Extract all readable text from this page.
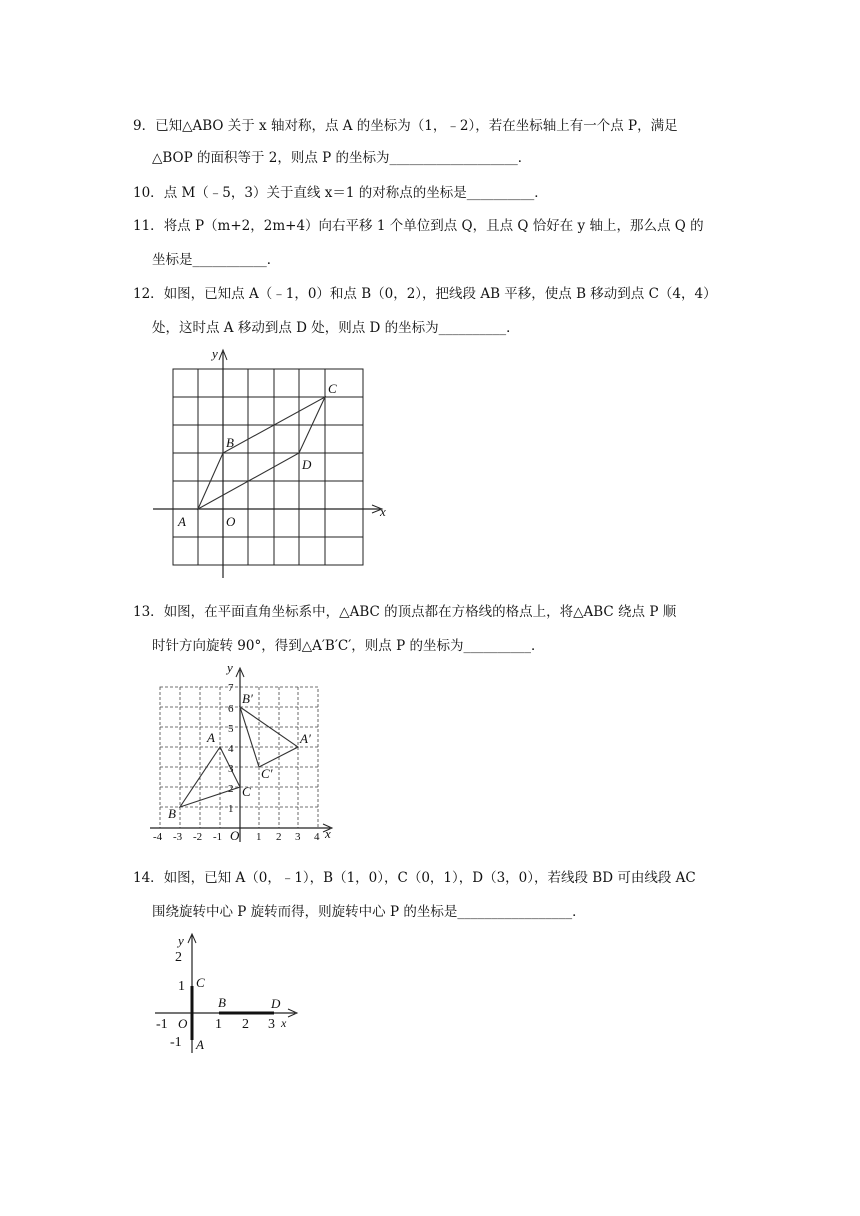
9．已知△ABO 关于 x 轴对称，点 A 的坐标为（1，﹣2），若在坐标轴上有一个点 P，满足
△BOP 的面积等于 2，则点 P 的坐标为___________________．
10．点 M（﹣5，3）关于直线 x＝1 的对称点的坐标是__________．
11．将点 P（m+2，2m+4）向右平移 1 个单位到点 Q，且点 Q 恰好在 y 轴上，那么点 Q 的
坐标是___________．
12．如图，已知点 A（﹣1，0）和点 B（0，2），把线段 AB 平移，使点 B 移动到点 C（4，4）
处，这时点 A 移动到点 D 处，则点 D 的坐标为__________．
y
x
A	O
B
C
D
13．如图，在平面直角坐标系中，△ABC 的顶点都在方格线的格点上，将△ABC 绕点 P 顺
时针方向旋转 90°，得到△A′B′C′，则点 P 的坐标为__________．
y
x
O
-4 -3 -2 -1	1 2 3 4
1
2
3
4
5
6
7
A
B
C
B′
A′
C′
14．如图，已知 A（0，﹣1），B（1，0），C（0，1），D（3，0），若线段 BD 可由线段 AC
围绕旋转中心 P 旋转而得，则旋转中心 P 的坐标是_________________．
y
x
2
1
-1
-1	1 2 3
O
C
B	D
A
